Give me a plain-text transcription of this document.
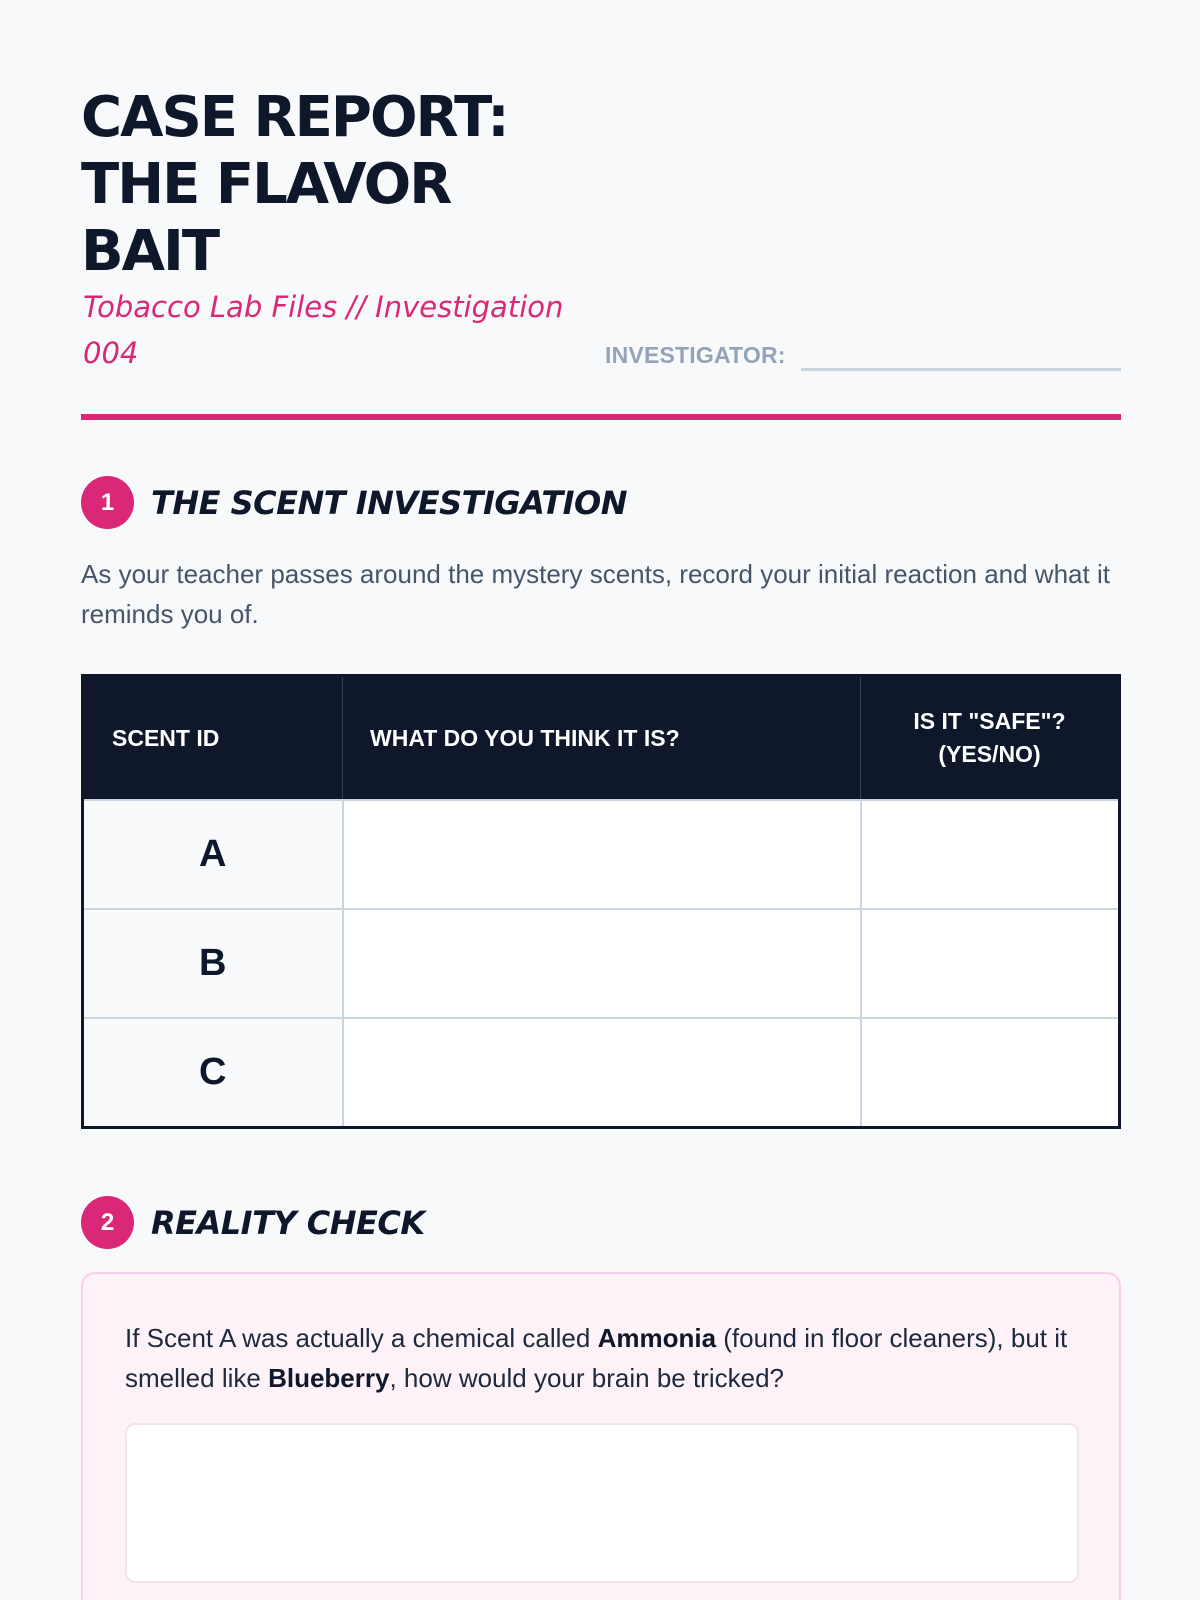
CASE REPORT:
THE FLAVOR
BAIT
Tobacco Lab Files // Investigation 004	INVESTIGATOR:
1	THE SCENT INVESTIGATION
As your teacher passes around the mystery scents, record your initial reaction and what it reminds you of.
SCENT ID	WHAT DO YOU THINK IT IS?	IS IT "SAFE"? (YES/NO)
A		
B		
C		
2	REALITY CHECK
If Scent A was actually a chemical called Ammonia (found in floor cleaners), but it smelled like Blueberry, how would your brain be tricked?
